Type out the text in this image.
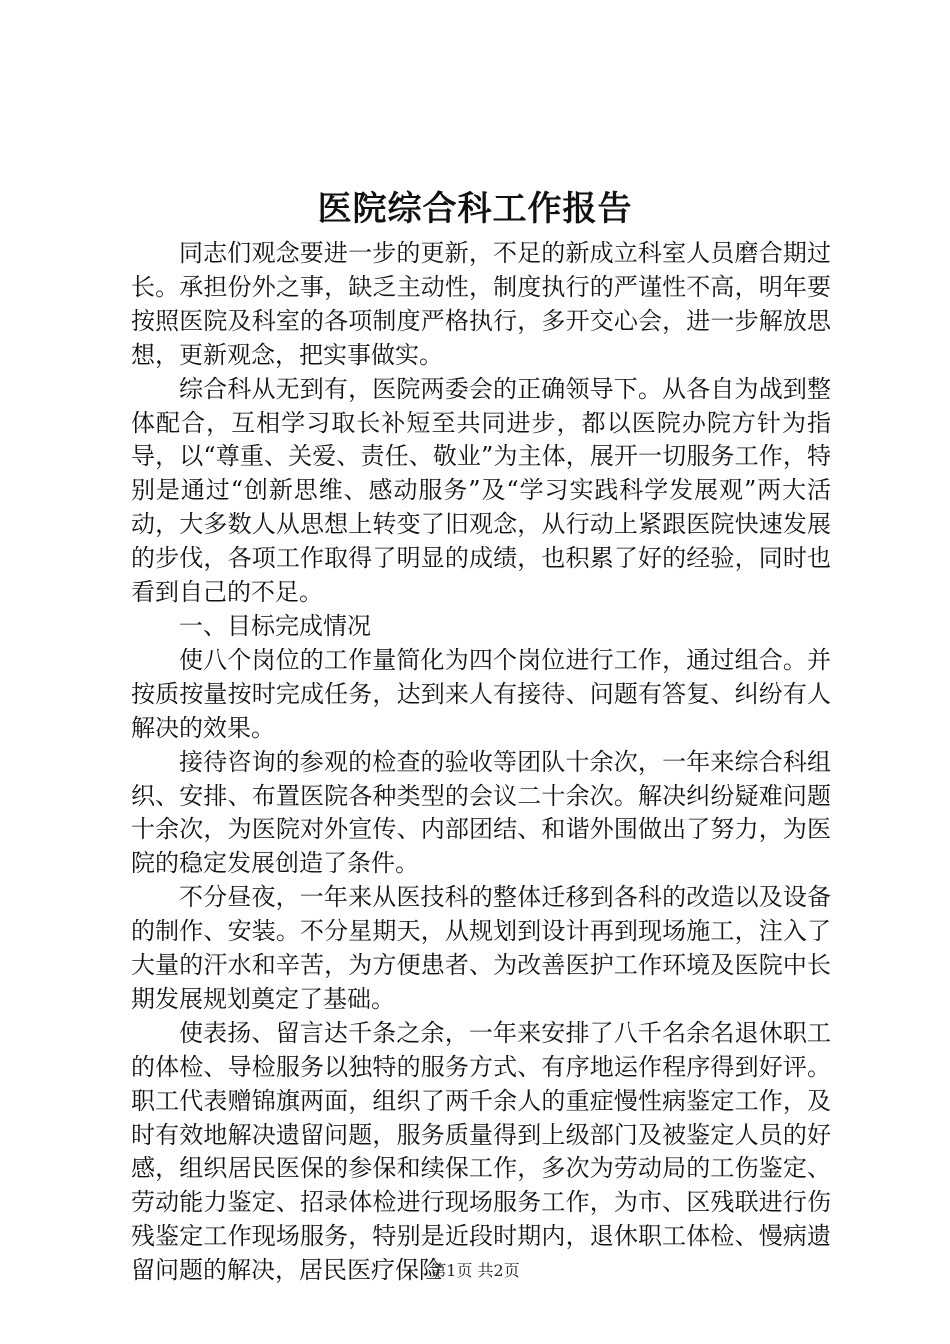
医院综合科工作报告

同志们观念要进一步的更新，不足的新成立科室人员磨合期过长。承担份外之事，缺乏主动性，制度执行的严谨性不高，明年要按照医院及科室的各项制度严格执行，多开交心会，进一步解放思想，更新观念，把实事做实。

综合科从无到有，医院两委会的正确领导下。从各自为战到整体配合，互相学习取长补短至共同进步，都以医院办院方针为指导，以“尊重、关爱、责任、敬业”为主体，展开一切服务工作，特别是通过“创新思维、感动服务”及“学习实践科学发展观”两大活动，大多数人从思想上转变了旧观念，从行动上紧跟医院快速发展的步伐，各项工作取得了明显的成绩，也积累了好的经验，同时也看到自己的不足。

一、目标完成情况

使八个岗位的工作量简化为四个岗位进行工作，通过组合。并按质按量按时完成任务，达到来人有接待、问题有答复、纠纷有人解决的效果。

接待咨询的参观的检查的验收等团队十余次，一年来综合科组织、安排、布置医院各种类型的会议二十余次。解决纠纷疑难问题十余次，为医院对外宣传、内部团结、和谐外围做出了努力，为医院的稳定发展创造了条件。

不分昼夜，一年来从医技科的整体迁移到各科的改造以及设备的制作、安装。不分星期天，从规划到设计再到现场施工，注入了大量的汗水和辛苦，为方便患者、为改善医护工作环境及医院中长期发展规划奠定了基础。

使表扬、留言达千条之余，一年来安排了八千名余名退休职工的体检、导检服务以独特的服务方式、有序地运作程序得到好评。职工代表赠锦旗两面，组织了两千余人的重症慢性病鉴定工作，及时有效地解决遗留问题，服务质量得到上级部门及被鉴定人员的好感，组织居民医保的参保和续保工作，多次为劳动局的工伤鉴定、劳动能力鉴定、招录体检进行现场服务工作，为市、区残联进行伤残鉴定工作现场服务，特别是近段时期内，退休职工体检、慢病遗留问题的解决，居民医疗保险

第1页 共2页
